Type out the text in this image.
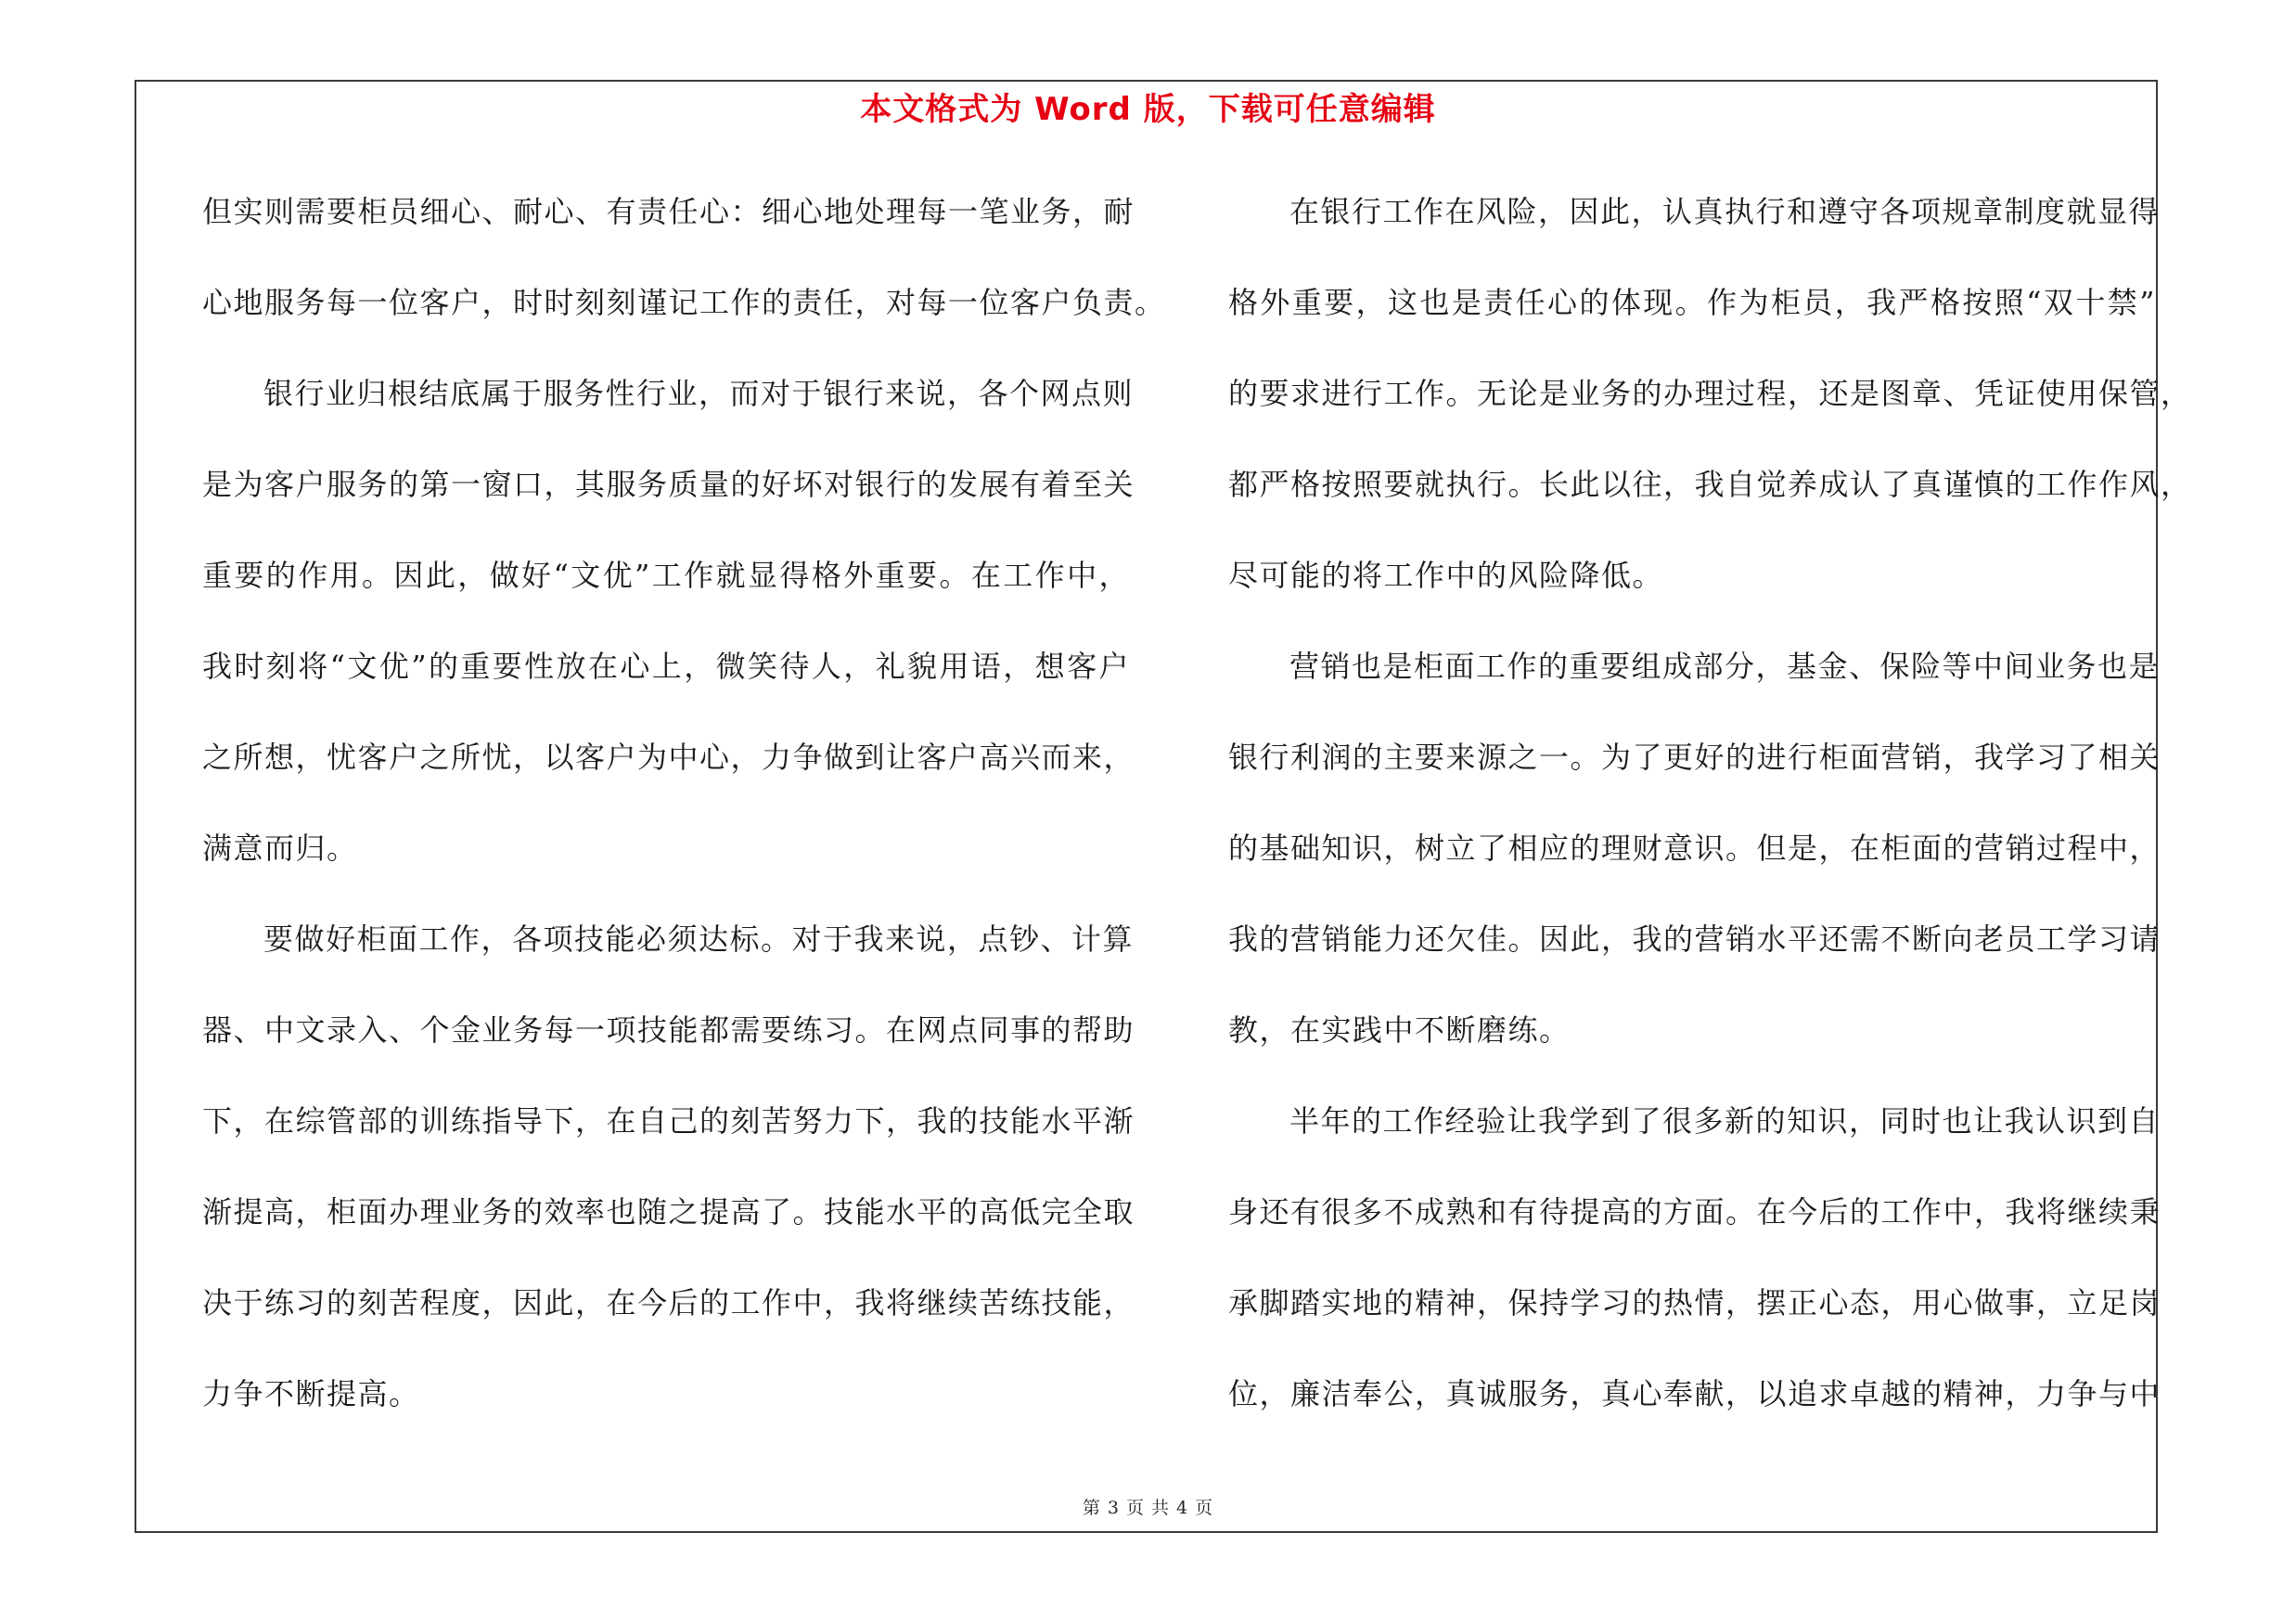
本文格式为 Word 版，下载可任意编辑
但实则需要柜员细心、耐心、有责任心：细心地处理每一笔业务，耐
心地服务每一位客户，时时刻刻谨记工作的责任，对每一位客户负责。
银行业归根结底属于服务性行业，而对于银行来说，各个网点则
是为客户服务的第一窗口，其服务质量的好坏对银行的发展有着至关
重要的作用。因此，做好“文优”工作就显得格外重要。在工作中，
我时刻将“文优”的重要性放在心上，微笑待人，礼貌用语，想客户
之所想，忧客户之所忧，以客户为中心，力争做到让客户高兴而来，
满意而归。
要做好柜面工作，各项技能必须达标。对于我来说，点钞、计算
器、中文录入、个金业务每一项技能都需要练习。在网点同事的帮助
下，在综管部的训练指导下，在自己的刻苦努力下，我的技能水平渐
渐提高，柜面办理业务的效率也随之提高了。技能水平的高低完全取
决于练习的刻苦程度，因此，在今后的工作中，我将继续苦练技能，
力争不断提高。
在银行工作在风险，因此，认真执行和遵守各项规章制度就显得
格外重要，这也是责任心的体现。作为柜员，我严格按照“双十禁”
的要求进行工作。无论是业务的办理过程，还是图章、凭证使用保管，
都严格按照要就执行。长此以往，我自觉养成认了真谨慎的工作作风，
尽可能的将工作中的风险降低。
营销也是柜面工作的重要组成部分，基金、保险等中间业务也是
银行利润的主要来源之一。为了更好的进行柜面营销，我学习了相关
的基础知识，树立了相应的理财意识。但是，在柜面的营销过程中，
我的营销能力还欠佳。因此，我的营销水平还需不断向老员工学习请
教，在实践中不断磨练。
半年的工作经验让我学到了很多新的知识，同时也让我认识到自
身还有很多不成熟和有待提高的方面。在今后的工作中，我将继续秉
承脚踏实地的精神，保持学习的热情，摆正心态，用心做事，立足岗
位，廉洁奉公，真诚服务，真心奉献，以追求卓越的精神，力争与中
第 3 页 共 4 页
